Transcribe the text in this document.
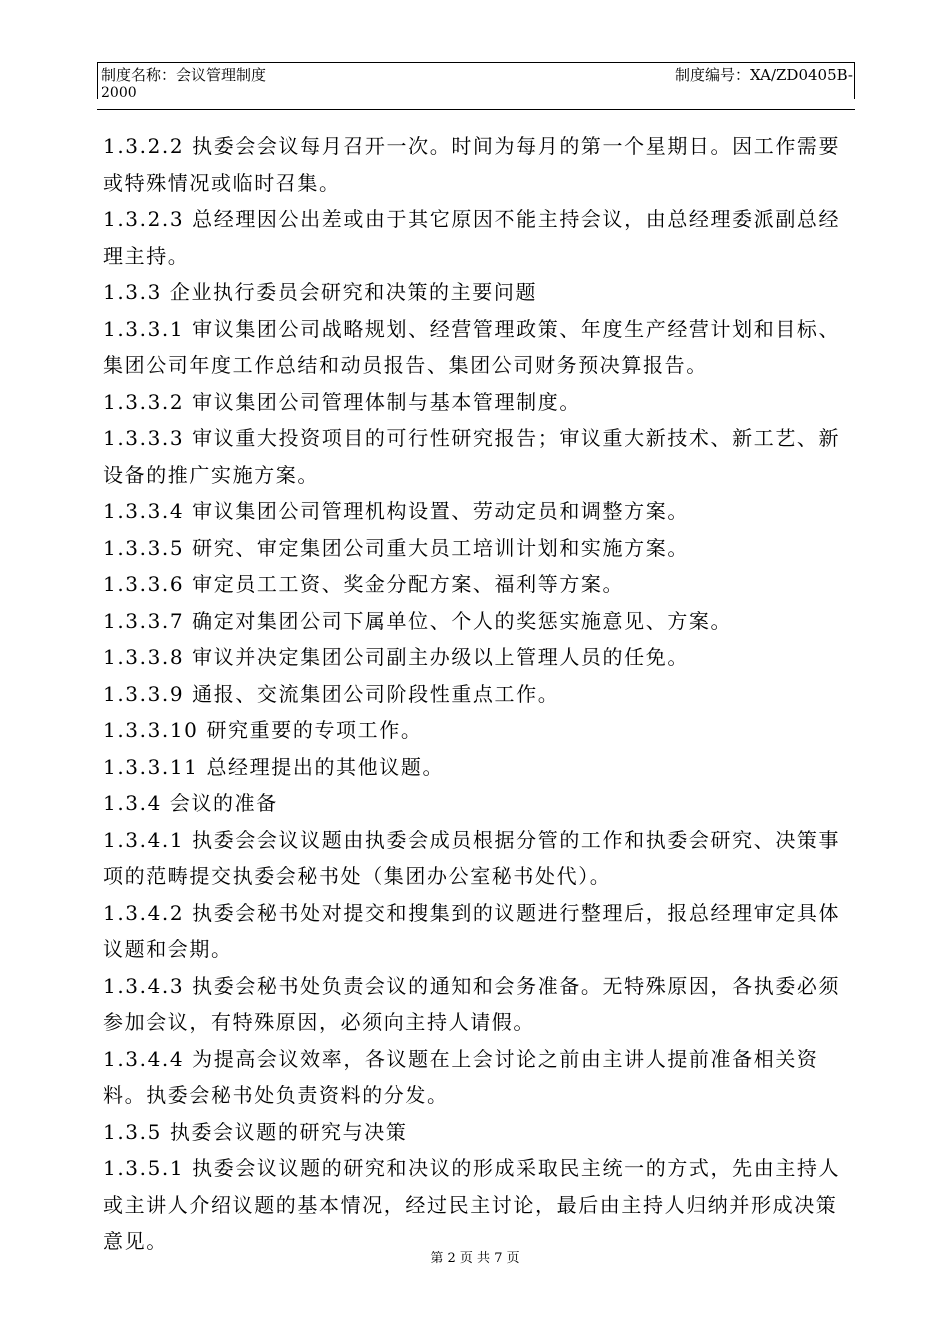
制度名称：会议管理制度	制度编号：XA/ZD0405B-
2000

1.3.2.2 执委会会议每月召开一次。时间为每月的第一个星期日。因工作需要或特殊情况或临时召集。

1.3.2.3 总经理因公出差或由于其它原因不能主持会议，由总经理委派副总经理主持。

1.3.3 企业执行委员会研究和决策的主要问题

1.3.3.1 审议集团公司战略规划、经营管理政策、年度生产经营计划和目标、集团公司年度工作总结和动员报告、集团公司财务预决算报告。

1.3.3.2 审议集团公司管理体制与基本管理制度。

1.3.3.3 审议重大投资项目的可行性研究报告；审议重大新技术、新工艺、新设备的推广实施方案。

1.3.3.4 审议集团公司管理机构设置、劳动定员和调整方案。

1.3.3.5 研究、审定集团公司重大员工培训计划和实施方案。

1.3.3.6 审定员工工资、奖金分配方案、福利等方案。

1.3.3.7 确定对集团公司下属单位、个人的奖惩实施意见、方案。

1.3.3.8 审议并决定集团公司副主办级以上管理人员的任免。

1.3.3.9 通报、交流集团公司阶段性重点工作。

1.3.3.10 研究重要的专项工作。

1.3.3.11 总经理提出的其他议题。

1.3.4 会议的准备

1.3.4.1 执委会会议议题由执委会成员根据分管的工作和执委会研究、决策事项的范畴提交执委会秘书处（集团办公室秘书处代）。

1.3.4.2 执委会秘书处对提交和搜集到的议题进行整理后，报总经理审定具体议题和会期。

1.3.4.3 执委会秘书处负责会议的通知和会务准备。无特殊原因，各执委必须参加会议，有特殊原因，必须向主持人请假。

1.3.4.4 为提高会议效率，各议题在上会讨论之前由主讲人提前准备相关资料。执委会秘书处负责资料的分发。

1.3.5 执委会议题的研究与决策

1.3.5.1 执委会议议题的研究和决议的形成采取民主统一的方式，先由主持人或主讲人介绍议题的基本情况，经过民主讨论，最后由主持人归纳并形成决策意见。

第 2 页 共 7 页
